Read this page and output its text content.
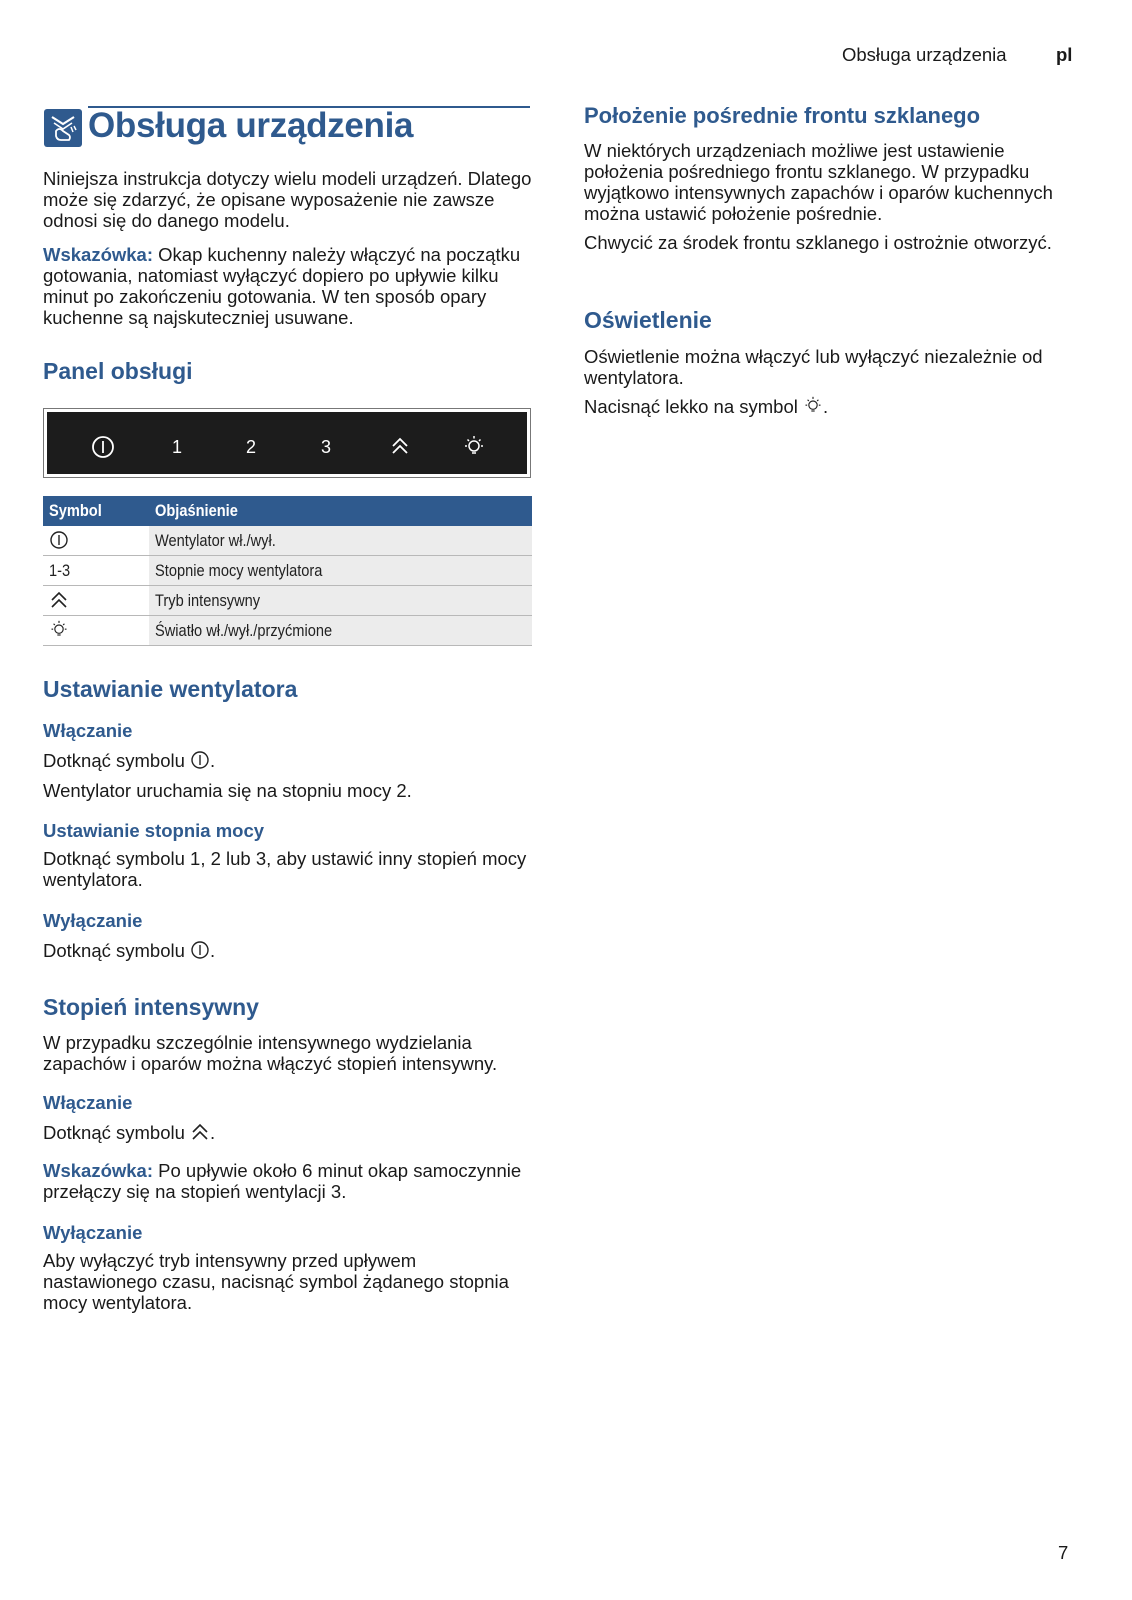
Obsługa urządzenia	pl
Obsługa urządzenia

Niniejsza instrukcja dotyczy wielu modeli urządzeń. Dlatego może się zdarzyć, że opisane wyposażenie nie zawsze odnosi się do danego modelu.

Wskazówka: Okap kuchenny należy włączyć na początku gotowania, natomiast wyłączyć dopiero po upływie kilku minut po zakończeniu gotowania. W ten sposób opary kuchenne są najskuteczniej usuwane.

Panel obsługi
1	2	3
Symbol	Objaśnienie
	Wentylator wł./wył.
1-3	Stopnie mocy wentylatora
	Tryb intensywny
	Światło wł./wył./przyćmione
Ustawianie wentylatora
Włączanie

Dotknąć symbolu .

Wentylator uruchamia się na stopniu mocy 2.

Ustawianie stopnia mocy

Dotknąć symbolu 1, 2 lub 3, aby ustawić inny stopień mocy wentylatora.

Wyłączanie

Dotknąć symbolu .

Stopień intensywny

W przypadku szczególnie intensywnego wydzielania zapachów i oparów można włączyć stopień intensywny.

Włączanie

Dotknąć symbolu .

Wskazówka: Po upływie około 6 minut okap samoczynnie przełączy się na stopień wentylacji 3.

Wyłączanie

Aby wyłączyć tryb intensywny przed upływem nastawionego czasu, nacisnąć symbol żądanego stopnia mocy wentylatora.

Położenie pośrednie frontu szklanego

W niektórych urządzeniach możliwe jest ustawienie położenia pośredniego frontu szklanego. W przypadku wyjątkowo intensywnych zapachów i oparów kuchennych można ustawić położenie pośrednie.

Chwycić za środek frontu szklanego i ostrożnie otworzyć.

Oświetlenie

Oświetlenie można włączyć lub wyłączyć niezależnie od wentylatora.

Nacisnąć lekko na symbol .

7
